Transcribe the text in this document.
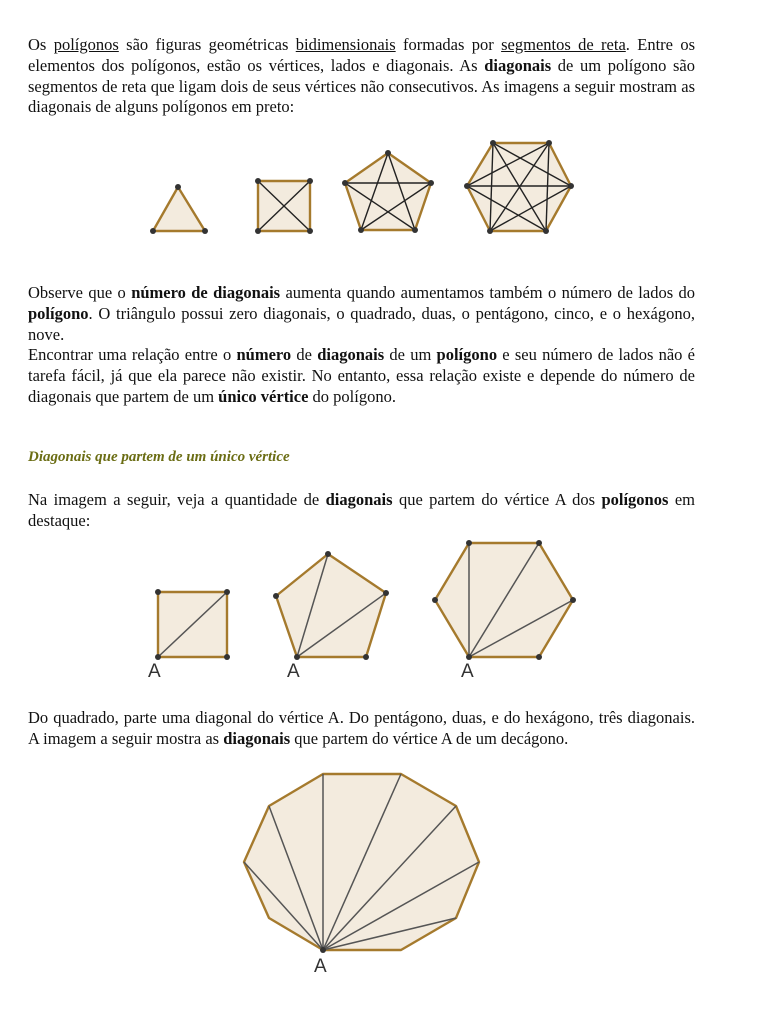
Os polígonos são figuras geométricas bidimensionais formadas por segmentos de reta. Entre os elementos dos polígonos, estão os vértices, lados e diagonais. As diagonais de um polígono são segmentos de reta que ligam dois de seus vértices não consecutivos. As imagens a seguir mostram as diagonais de alguns polígonos em preto:

Observe que o número de diagonais aumenta quando aumentamos também o número de lados do polígono. O triângulo possui zero diagonais, o quadrado, duas, o pentágono, cinco, e o hexágono, nove.
Encontrar uma relação entre o número de diagonais de um polígono e seu número de lados não é tarefa fácil, já que ela parece não existir. No entanto, essa relação existe e depende do número de diagonais que partem de um único vértice do polígono.

Diagonais que partem de um único vértice

Na imagem a seguir, veja a quantidade de diagonais que partem do vértice A dos polígonos em destaque:

A	A	A

Do quadrado, parte uma diagonal do vértice A. Do pentágono, duas, e do hexágono, três diagonais. A imagem a seguir mostra as diagonais que partem do vértice A de um decágono.

A
